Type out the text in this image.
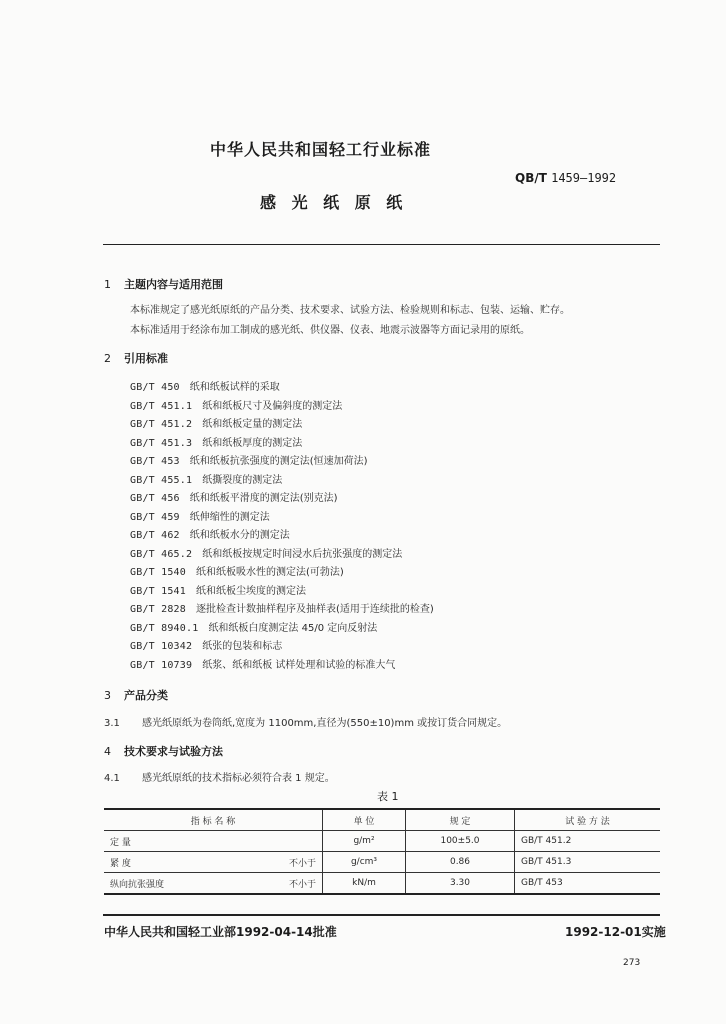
中华人民共和国轻工行业标准
QB/T 1459—1992
感 光 纸 原 纸
1 主题内容与适用范围
本标准规定了感光纸原纸的产品分类、技术要求、试验方法、检验规则和标志、包装、运输、贮存。
本标准适用于经涂布加工制成的感光纸、供仪器、仪表、地震示波器等方面记录用的原纸。
2 引用标准
GB/T 450 纸和纸板试样的采取
GB/T 451.1 纸和纸板尺寸及偏斜度的测定法
GB/T 451.2 纸和纸板定量的测定法
GB/T 451.3 纸和纸板厚度的测定法
GB/T 453 纸和纸板抗张强度的测定法(恒速加荷法)
GB/T 455.1 纸撕裂度的测定法
GB/T 456 纸和纸板平滑度的测定法(别克法)
GB/T 459 纸伸缩性的测定法
GB/T 462 纸和纸板水分的测定法
GB/T 465.2 纸和纸板按规定时间浸水后抗张强度的测定法
GB/T 1540 纸和纸板吸水性的测定法(可勃法)
GB/T 1541 纸和纸板尘埃度的测定法
GB/T 2828 逐批检查计数抽样程序及抽样表(适用于连续批的检查)
GB/T 8940.1 纸和纸板白度测定法 45/0 定向反射法
GB/T 10342 纸张的包装和标志
GB/T 10739 纸浆、纸和纸板 试样处理和试验的标准大气
3 产品分类
3.1 感光纸原纸为卷筒纸,宽度为 1100mm,直径为(550±10)mm 或按订货合同规定。
4 技术要求与试验方法
4.1 感光纸原纸的技术指标必须符合表 1 规定。
表 1
指 标 名 称	单 位	规 定	试 验 方 法

定 量	g/m²	100±5.0	GB/T 451.2

紧 度 不小于	g/cm³	0.86	GB/T 451.3

纵向抗张强度 不小于	kN/m	3.30	GB/T 453
中华人民共和国轻工业部1992-04-14批准	1992-12-01实施
273
